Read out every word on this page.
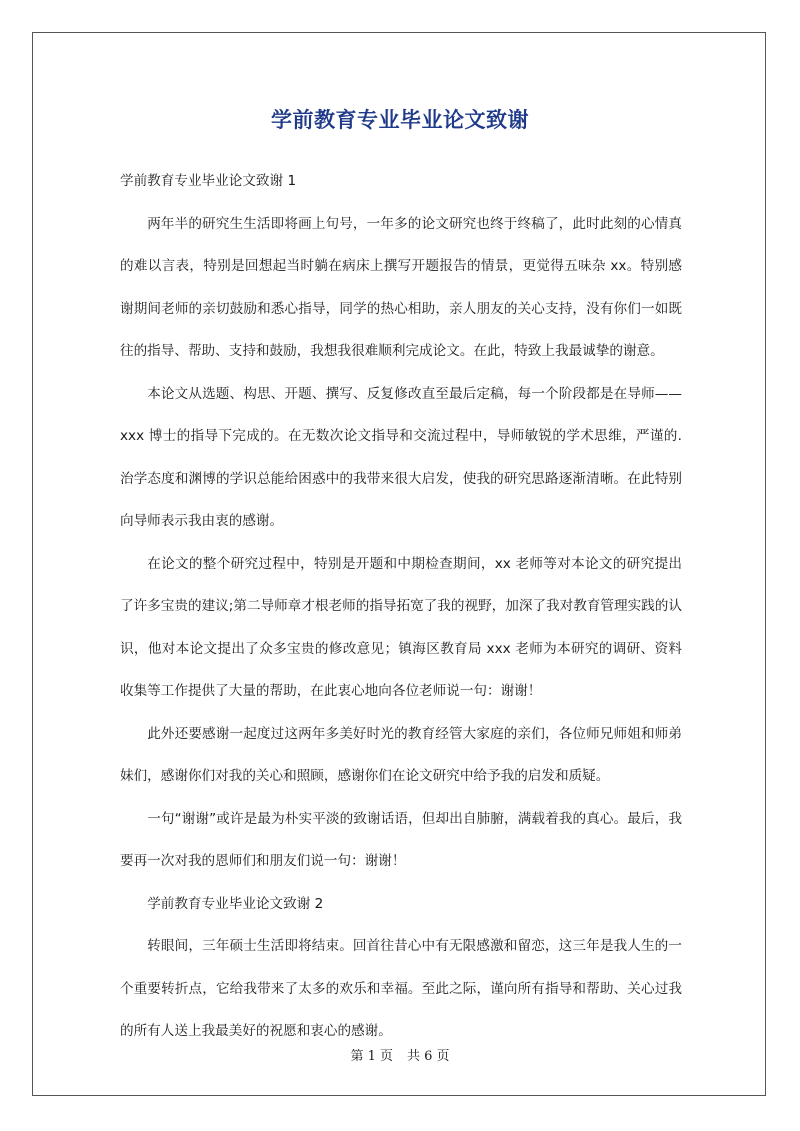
学前教育专业毕业论文致谢

学前教育专业毕业论文致谢 1

两年半的研究生生活即将画上句号，一年多的论文研究也终于终稿了，此时此刻的心情真的难以言表，特别是回想起当时躺在病床上撰写开题报告的情景，更觉得五味杂 xx。特别感谢期间老师的亲切鼓励和悉心指导，同学的热心相助，亲人朋友的关心支持，没有你们一如既往的指导、帮助、支持和鼓励，我想我很难顺利完成论文。在此，特致上我最诚挚的谢意。

本论文从选题、构思、开题、撰写、反复修改直至最后定稿，每一个阶段都是在导师——xxx 博士的指导下完成的。在无数次论文指导和交流过程中，导师敏锐的学术思维，严谨的.治学态度和渊博的学识总能给困惑中的我带来很大启发，使我的研究思路逐渐清晰。在此特别向导师表示我由衷的感谢。

在论文的整个研究过程中，特别是开题和中期检查期间，xx 老师等对本论文的研究提出了许多宝贵的建议;第二导师章才根老师的指导拓宽了我的视野，加深了我对教育管理实践的认识，他对本论文提出了众多宝贵的修改意见；镇海区教育局 xxx 老师为本研究的调研、资料收集等工作提供了大量的帮助，在此衷心地向各位老师说一句：谢谢！

此外还要感谢一起度过这两年多美好时光的教育经管大家庭的亲们，各位师兄师姐和师弟妹们，感谢你们对我的关心和照顾，感谢你们在论文研究中给予我的启发和质疑。

一句“谢谢”或许是最为朴实平淡的致谢话语，但却出自肺腑，满载着我的真心。最后，我要再一次对我的恩师们和朋友们说一句：谢谢！

学前教育专业毕业论文致谢 2

转眼间，三年硕士生活即将结束。回首往昔心中有无限感激和留恋，这三年是我人生的一个重要转折点，它给我带来了太多的欢乐和幸福。至此之际，谨向所有指导和帮助、关心过我的所有人送上我最美好的祝愿和衷心的感谢。

第 1 页 共 6 页
